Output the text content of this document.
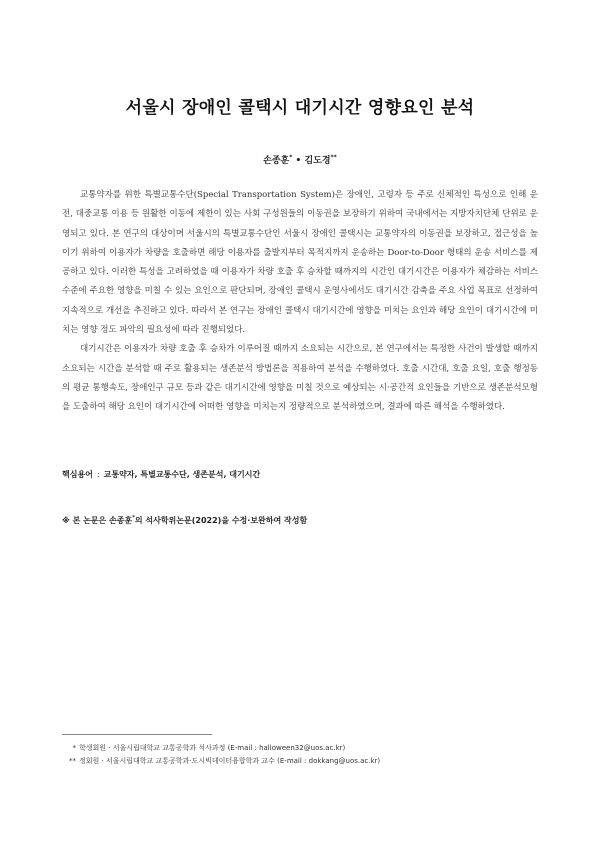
서울시 장애인 콜택시 대기시간 영향요인 분석
손종훈* • 김도경**

교통약자를 위한 특별교통수단(Special Transportation System)은 장애인, 고령자 등 주로 신체적인 특성으로 인해 운전, 대중교통 이용 등 원활한 이동에 제한이 있는 사회 구성원들의 이동권을 보장하기 위하여 국내에서는 지방자치단체 단위로 운영되고 있다. 본 연구의 대상이며 서울시의 특별교통수단인 서울시 장애인 콜택시는 교통약자의 이동권을 보장하고, 접근성을 높이기 위하여 이용자가 차량을 호출하면 해당 이용자를 출발지부터 목적지까지 운송하는 Door-to-Door 형태의 운송 서비스를 제공하고 있다. 이러한 특성을 고려하였을 때 이용자가 차량 호출 후 승차할 때까지의 시간인 대기시간은 이용자가 체감하는 서비스 수준에 주요한 영향을 미칠 수 있는 요인으로 판단되며, 장애인 콜택시 운영사에서도 대기시간 감축을 주요 사업 목표로 선정하여 지속적으로 개선을 추진하고 있다. 따라서 본 연구는 장애인 콜택시 대기시간에 영향을 미치는 요인과 해당 요인이 대기시간에 미치는 영향 정도 파악의 필요성에 따라 진행되었다.

대기시간은 이용자가 차량 호출 후 승차가 이루어질 때까지 소요되는 시간으로, 본 연구에서는 특정한 사건이 발생할 때까지 소요되는 시간을 분석할 때 주로 활용되는 생존분석 방법론을 적용하여 분석을 수행하였다. 호출 시간대, 호출 요일, 호출 행정동의 평균 통행속도, 장애인구 규모 등과 같은 대기시간에 영향을 미칠 것으로 예상되는 시·공간적 요인들을 기반으로 생존분석모형을 도출하여 해당 요인이 대기시간에 어떠한 영향을 미치는지 정량적으로 분석하였으며, 결과에 따른 해석을 수행하였다.

핵심용어 : 교통약자, 특별교통수단, 생존분석, 대기시간
※ 본 논문은 손종훈*의 석사학위논문(2022)을 수정·보완하여 작성함
* 학생회원 · 서울시립대학교 교통공학과 석사과정 (E-mail : halloween32@uos.ac.kr)
** 정회원 · 서울시립대학교 교통공학과·도시빅데이터융합학과 교수 (E-mail : dokkang@uos.ac.kr)
